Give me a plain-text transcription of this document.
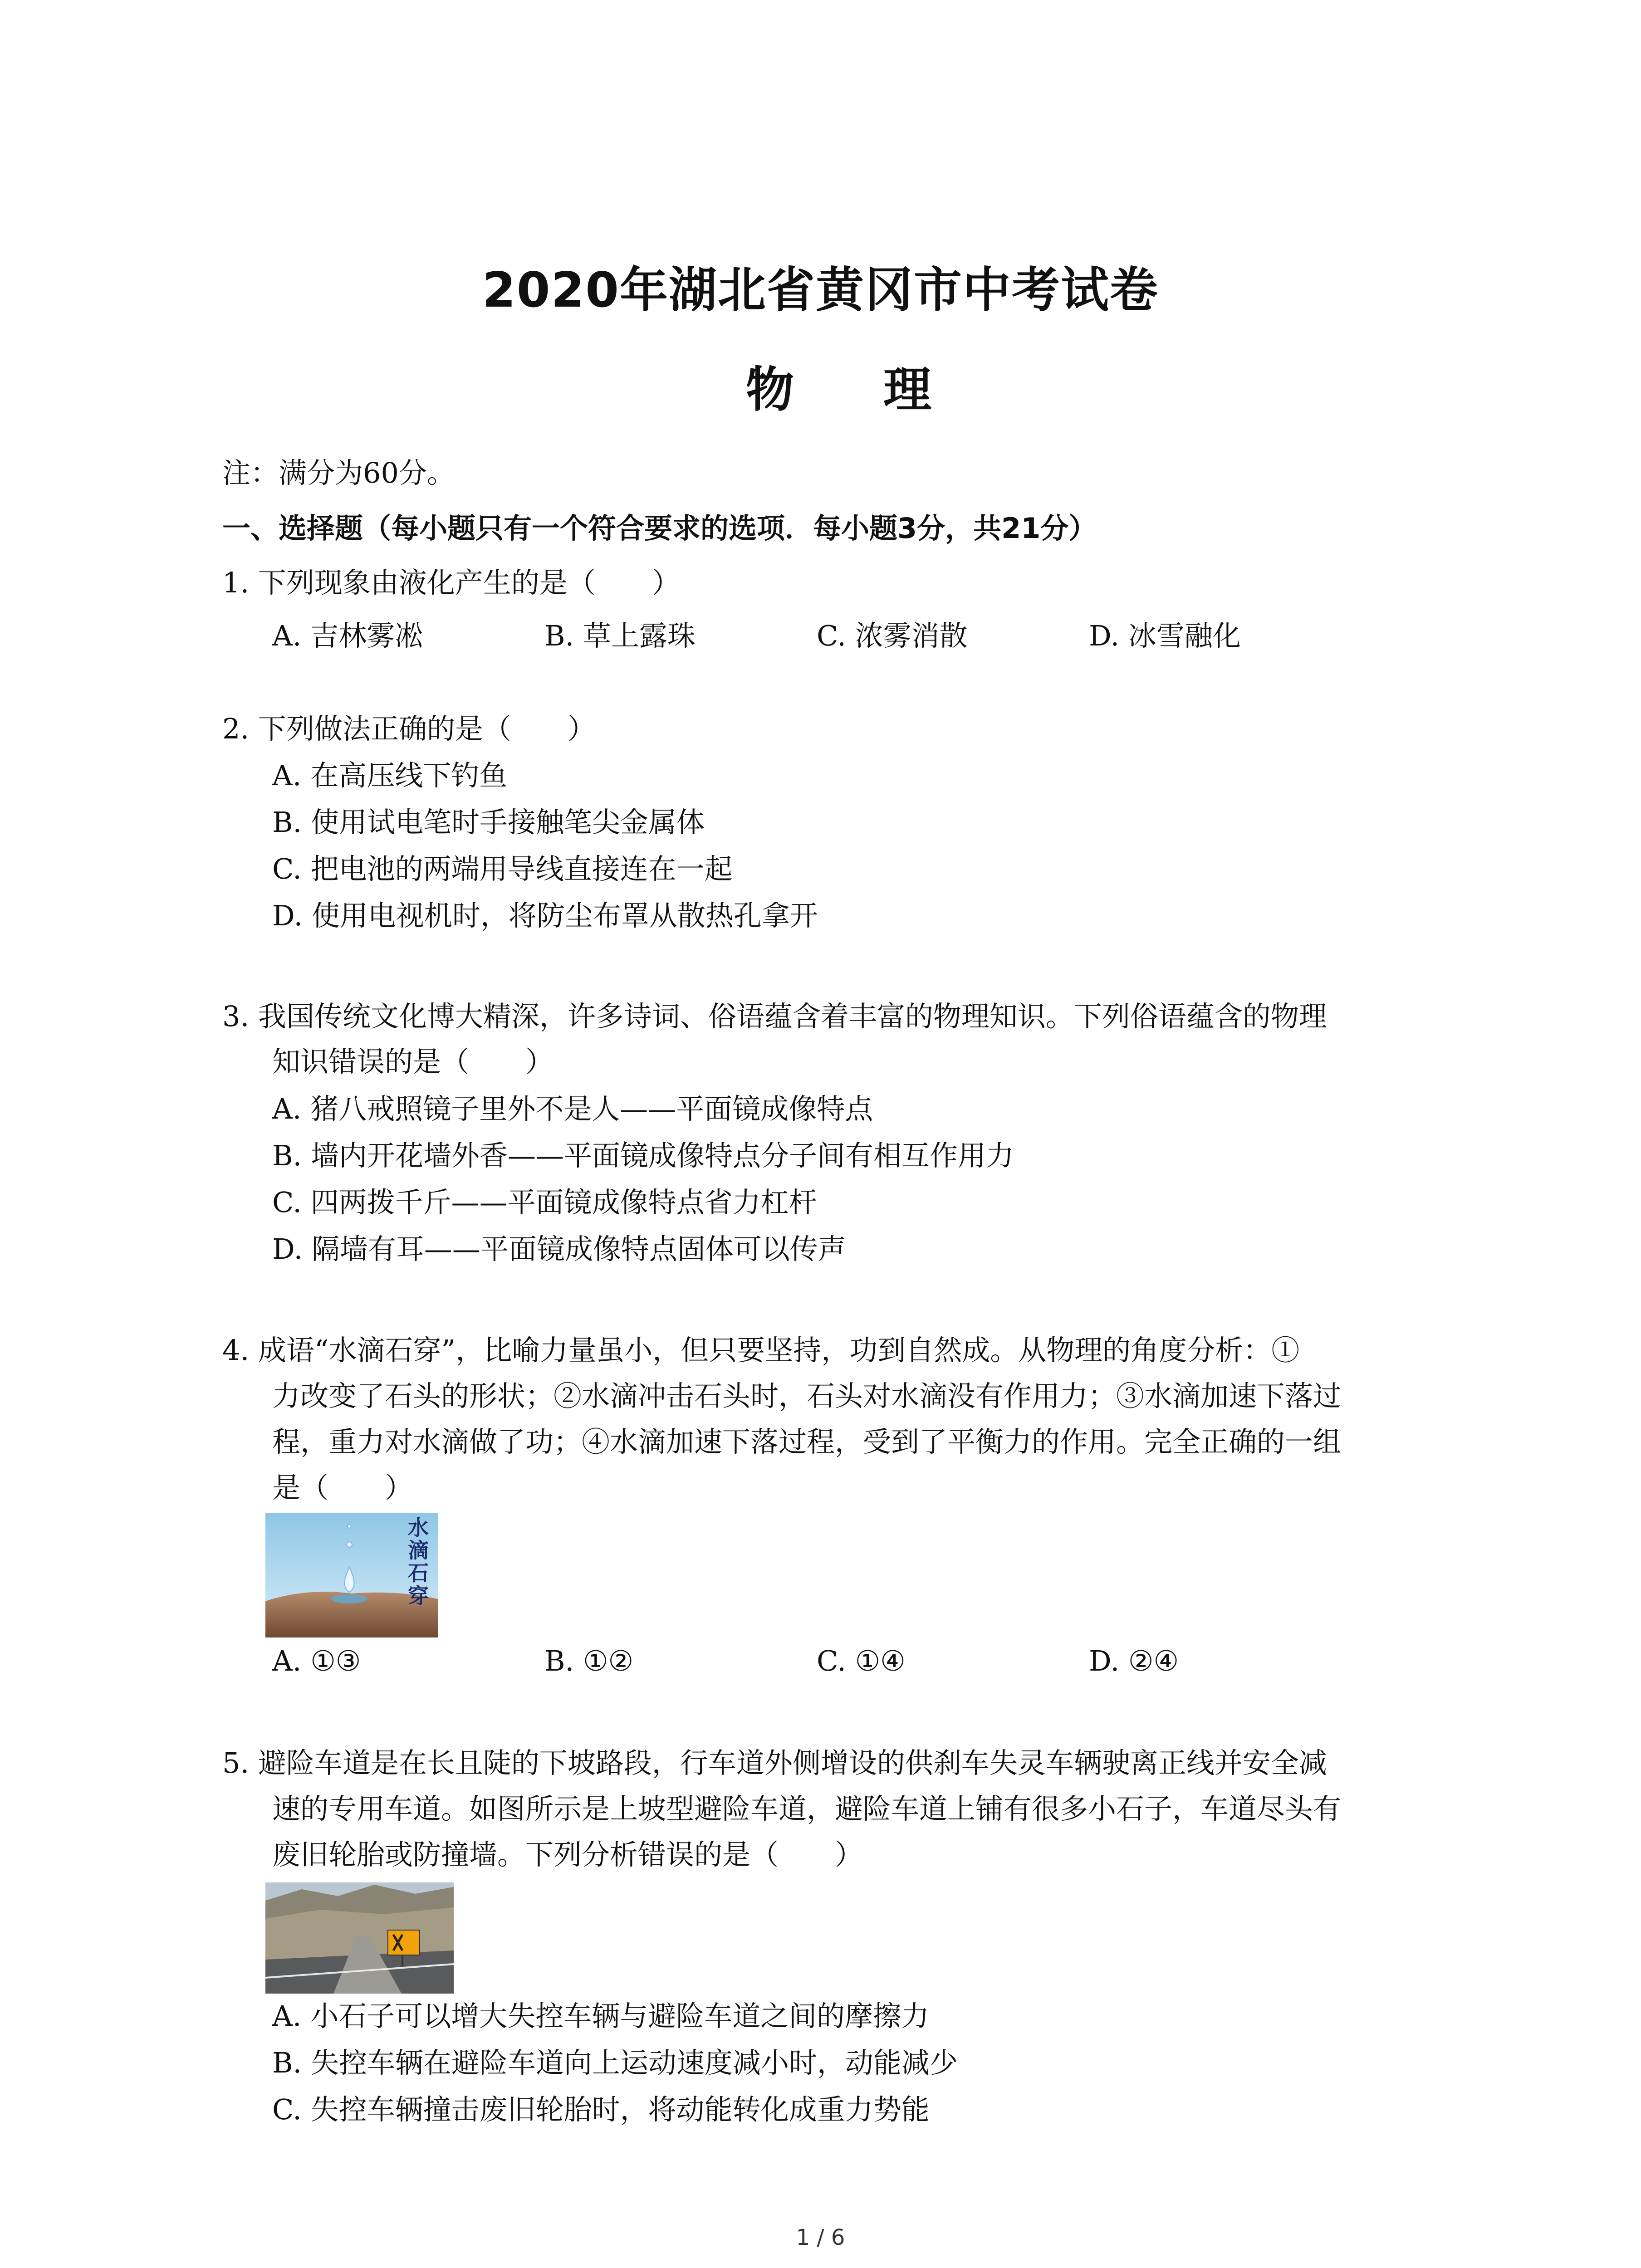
2020年湖北省黄冈市中考试卷
物 理
注：满分为60分。
一、选择题（每小题只有一个符合要求的选项．每小题3分，共21分）
1. 下列现象由液化产生的是（　　）
A. 吉林雾凇	B. 草上露珠	C. 浓雾消散	D. 冰雪融化
2. 下列做法正确的是（　　）
A. 在高压线下钓鱼
B. 使用试电笔时手接触笔尖金属体
C. 把电池的两端用导线直接连在一起
D. 使用电视机时，将防尘布罩从散热孔拿开
3. 我国传统文化博大精深，许多诗词、俗语蕴含着丰富的物理知识。下列俗语蕴含的物理
知识错误的是（　　）
A. 猪八戒照镜子里外不是人——平面镜成像特点
B. 墙内开花墙外香——平面镜成像特点分子间有相互作用力
C. 四两拨千斤——平面镜成像特点省力杠杆
D. 隔墙有耳——平面镜成像特点固体可以传声
4. 成语“水滴石穿”，比喻力量虽小，但只要坚持，功到自然成。从物理的角度分析：①
力改变了石头的形状；②水滴冲击石头时，石头对水滴没有作用力；③水滴加速下落过
程，重力对水滴做了功；④水滴加速下落过程，受到了平衡力的作用。完全正确的一组
是（　　）
水滴石穿
A. ①③	B. ①②	C. ①④	D. ②④
5. 避险车道是在长且陡的下坡路段，行车道外侧增设的供刹车失灵车辆驶离正线并安全减
速的专用车道。如图所示是上坡型避险车道，避险车道上铺有很多小石子，车道尽头有
废旧轮胎或防撞墙。下列分析错误的是（　　）
A. 小石子可以增大失控车辆与避险车道之间的摩擦力
B. 失控车辆在避险车道向上运动速度减小时，动能减少
C. 失控车辆撞击废旧轮胎时，将动能转化成重力势能
1 / 6
